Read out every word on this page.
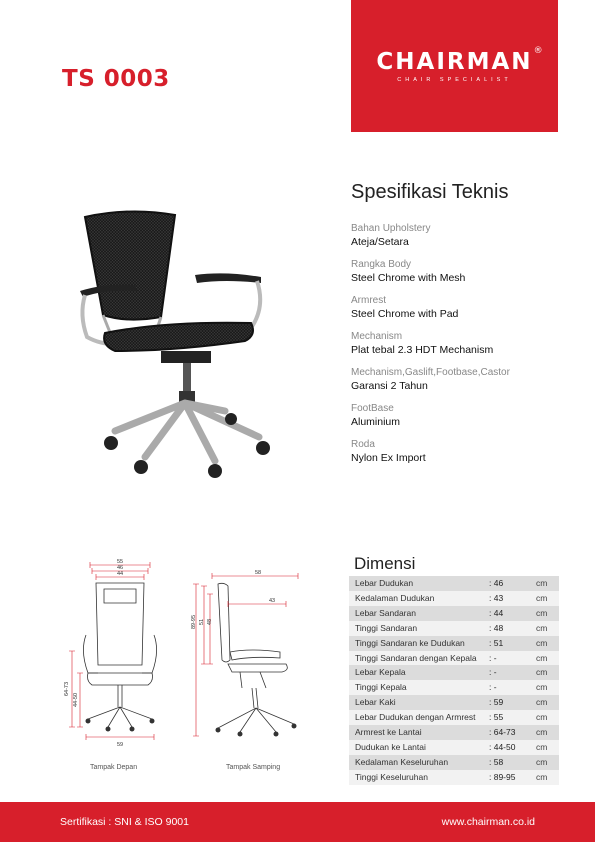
CHAIRMAN ®
CHAIR SPECIALIST
TS 0003
Spesifikasi Teknis
Bahan Upholstery
Ateja/Setara
Rangka Body
Steel Chrome with Mesh
Armrest
Steel Chrome with Pad
Mechanism
Plat tebal 2.3 HDT Mechanism
Mechanism,Gaslift,Footbase,Castor
Garansi 2 Tahun
FootBase
Aluminium
Roda
Nylon Ex Import
55
46
44
59
64-73
44-50
Tampak Depan
58
43
89-95 51 48
Tampak Samping
Dimensi
Lebar Dudukan	: 46	cm
Kedalaman Dudukan	: 43	cm
Lebar Sandaran	: 44	cm
Tinggi Sandaran	: 48	cm
Tinggi Sandaran ke Dudukan	: 51	cm
Tinggi Sandaran dengan Kepala	: -	cm
Lebar Kepala	: -	cm
Tinggi Kepala	: -	cm
Lebar Kaki	: 59	cm
Lebar Dudukan dengan Armrest	: 55	cm
Armrest ke Lantai	: 64-73	cm
Dudukan ke Lantai	: 44-50	cm
Kedalaman Keseluruhan	: 58	cm
Tinggi Keseluruhan	: 89-95	cm
Sertifikasi : SNI & ISO 9001	www.chairman.co.id
